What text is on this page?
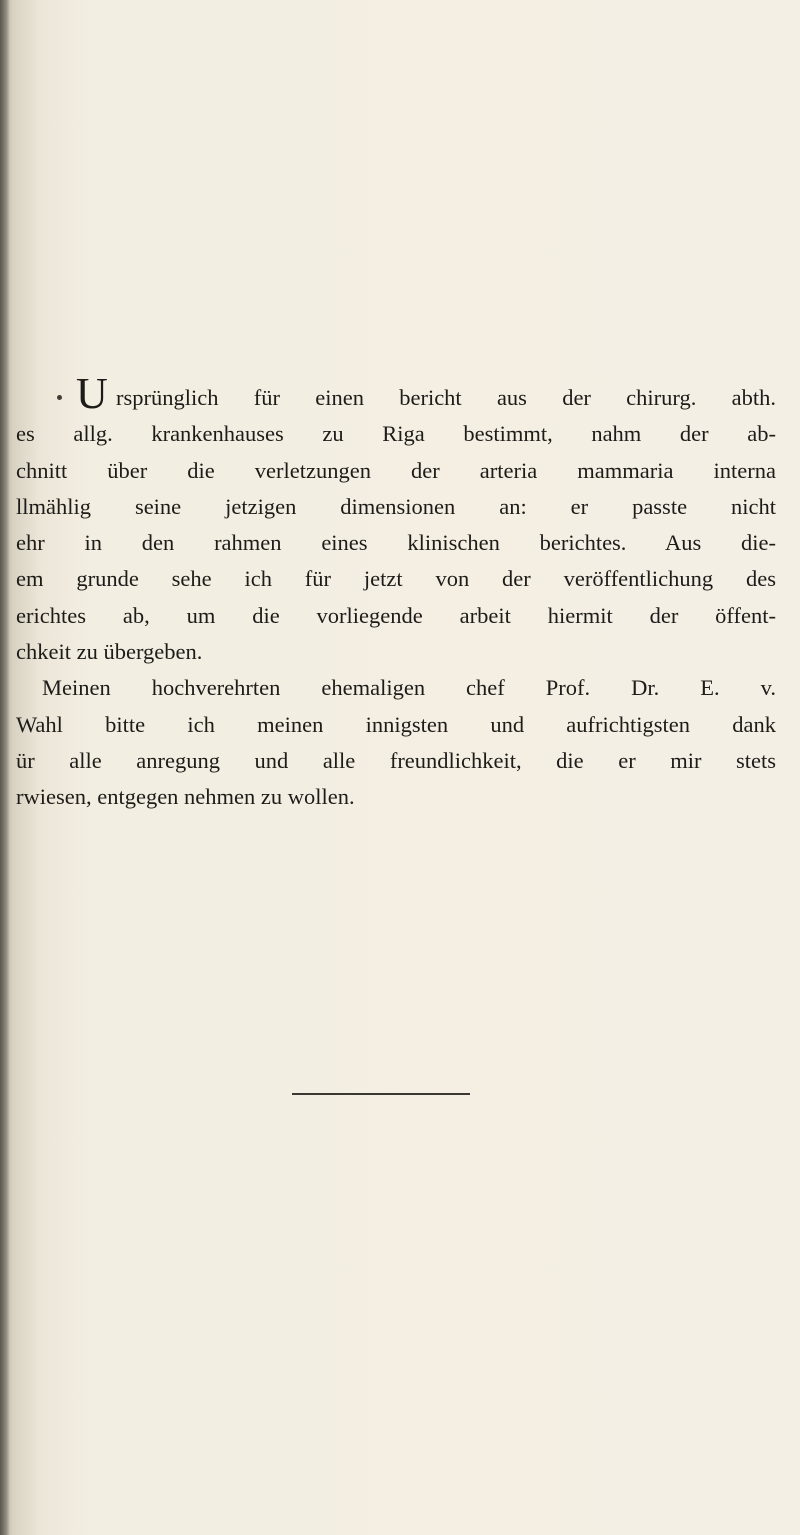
U rsprünglich für einen bericht aus der chirurg. abth.
es allg. krankenhauses zu Riga bestimmt, nahm der ab-
chnitt über die verletzungen der arteria mammaria interna
llmählig seine jetzigen dimensionen an: er passte nicht
ehr in den rahmen eines klinischen berichtes. Aus die-
em grunde sehe ich für jetzt von der veröffentlichung des
erichtes ab, um die vorliegende arbeit hiermit der öffent-
chkeit zu übergeben.
Meinen hochverehrten ehemaligen chef Prof. Dr. E. v.
Wahl bitte ich meinen innigsten und aufrichtigsten dank
ür alle anregung und alle freundlichkeit, die er mir stets
rwiesen, entgegen nehmen zu wollen.
